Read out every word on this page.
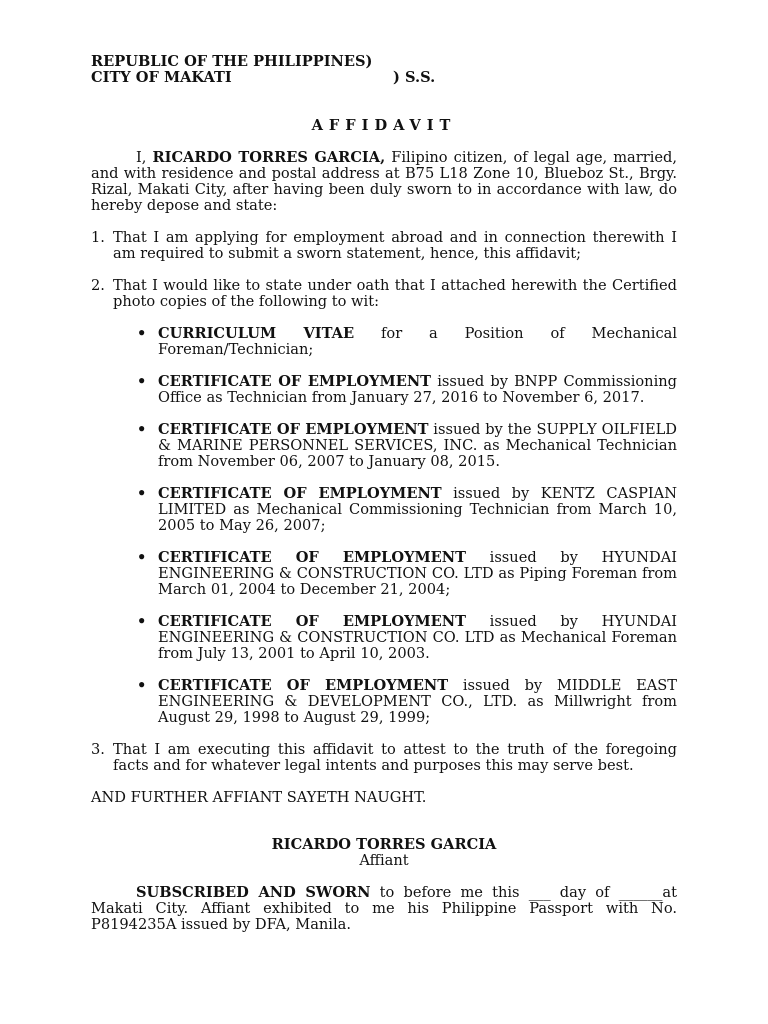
REPUBLIC OF THE PHILIPPINES)
CITY OF MAKATI	) S.S.
AFFIDAVIT
I, RICARDO TORRES GARCIA, Filipino citizen, of legal age, married, and with residence and postal address at B75 L18 Zone 10, Blueboz St., Brgy. Rizal, Makati City, after having been duly sworn to in accordance with law, do hereby depose and state:
1. That I am applying for employment abroad and in connection therewith I am required to submit a sworn statement, hence, this affidavit;
2. That I would like to state under oath that I attached herewith the Certified photo copies of the following to wit:
• CURRICULUM VITAE for a Position of Mechanical Foreman/Technician;
• CERTIFICATE OF EMPLOYMENT issued by BNPP Commissioning Office as Technician from January 27, 2016 to November 6, 2017.
• CERTIFICATE OF EMPLOYMENT issued by the SUPPLY OILFIELD & MARINE PERSONNEL SERVICES, INC. as Mechanical Technician from November 06, 2007 to January 08, 2015.
• CERTIFICATE OF EMPLOYMENT issued by KENTZ CASPIAN LIMITED as Mechanical Commissioning Technician from March 10, 2005 to May 26, 2007;
• CERTIFICATE OF EMPLOYMENT issued by HYUNDAI ENGINEERING & CONSTRUCTION CO. LTD as Piping Foreman from March 01, 2004 to December 21, 2004;
• CERTIFICATE OF EMPLOYMENT issued by HYUNDAI ENGINEERING & CONSTRUCTION CO. LTD as Mechanical Foreman from July 13, 2001 to April 10, 2003.
• CERTIFICATE OF EMPLOYMENT issued by MIDDLE EAST ENGINEERING & DEVELOPMENT CO., LTD. as Millwright from August 29, 1998 to August 29, 1999;
3. That I am executing this affidavit to attest to the truth of the foregoing facts and for whatever legal intents and purposes this may serve best.
AND FURTHER AFFIANT SAYETH NAUGHT.
RICARDO TORRES GARCIA
Affiant
SUBSCRIBED AND SWORN to before me this ___ day of ______at Makati City. Affiant exhibited to me his Philippine Passport with No. P8194235A issued by DFA, Manila.
